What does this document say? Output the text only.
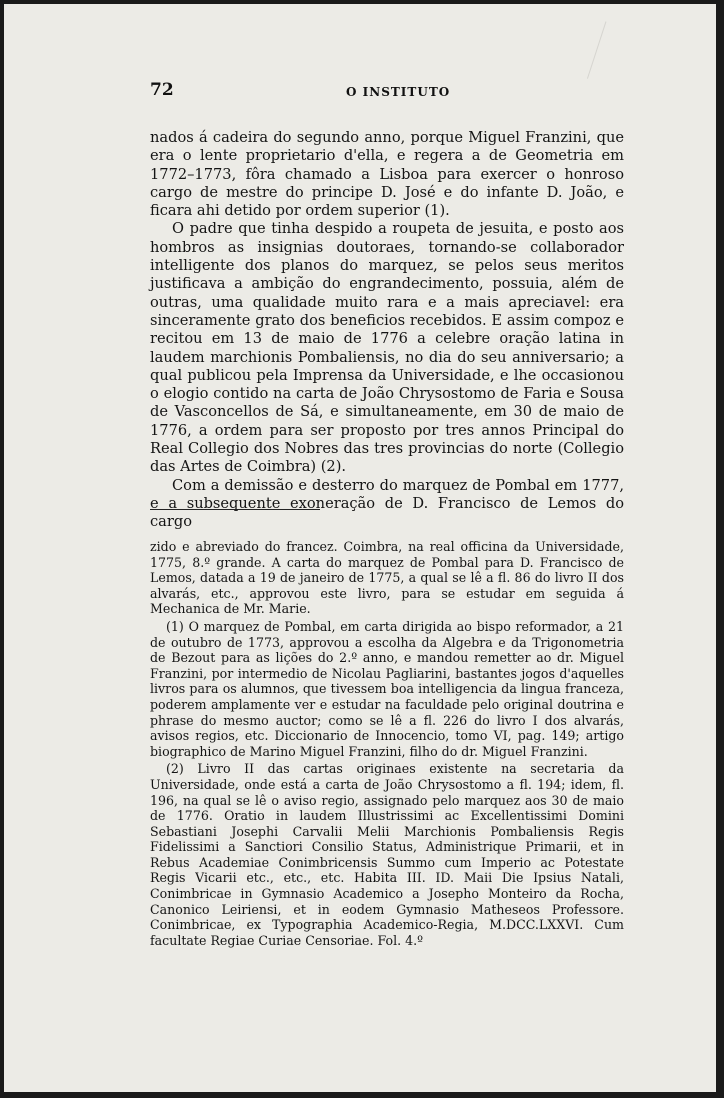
72	O INSTITUTO

nados á cadeira do segundo anno, porque Miguel Franzini, que era o lente proprietario d'ella, e regera a de Geometria em 1772–1773, fôra chamado a Lisboa para exercer o honroso cargo de mestre do principe D. José e do infante D. João, e ficara ahi detido por ordem superior (1).

O padre que tinha despido a roupeta de jesuita, e posto aos hombros as insignias doutoraes, tornando-se collaborador intelligente dos planos do marquez, se pelos seus meritos justificava a ambição do engrandecimento, possuia, além de outras, uma qualidade muito rara e a mais apreciavel: era sinceramente grato dos beneficios recebidos. E assim compoz e recitou em 13 de maio de 1776 a celebre oração latina in laudem marchionis Pombaliensis, no dia do seu anniversario; a qual publicou pela Imprensa da Universidade, e lhe occasionou o elogio contido na carta de João Chrysostomo de Faria e Sousa de Vasconcellos de Sá, e simultaneamente, em 30 de maio de 1776, a ordem para ser proposto por tres annos Principal do Real Collegio dos Nobres das tres provincias do norte (Collegio das Artes de Coimbra) (2).

Com a demissão e desterro do marquez de Pombal em 1777, e a subsequente exoneração de D. Francisco de Lemos do cargo

zido e abreviado do francez. Coimbra, na real officina da Universidade, 1775, 8.º grande. A carta do marquez de Pombal para D. Francisco de Lemos, datada a 19 de janeiro de 1775, a qual se lê a fl. 86 do livro II dos alvarás, etc., approvou este livro, para se estudar em seguida á Mechanica de Mr. Marie.

(1) O marquez de Pombal, em carta dirigida ao bispo reformador, a 21 de outubro de 1773, approvou a escolha da Algebra e da Trigonometria de Bezout para as lições do 2.º anno, e mandou remetter ao dr. Miguel Franzini, por intermedio de Nicolau Pagliarini, bastantes jogos d'aquelles livros para os alumnos, que tivessem boa intelligencia da lingua franceza, poderem amplamente ver e estudar na faculdade pelo original doutrina e phrase do mesmo auctor; como se lê a fl. 226 do livro I dos alvarás, avisos regios, etc. Diccionario de Innocencio, tomo VI, pag. 149; artigo biographico de Marino Miguel Franzini, filho do dr. Miguel Franzini.

(2) Livro II das cartas originaes existente na secretaria da Universidade, onde está a carta de João Chrysostomo a fl. 194; idem, fl. 196, na qual se lê o aviso regio, assignado pelo marquez aos 30 de maio de 1776. Oratio in laudem Illustrissimi ac Excellentissimi Domini Sebastiani Josephi Carvalii Melii Marchionis Pombaliensis Regis Fidelissimi a Sanctiori Consilio Status, Administrique Primarii, et in Rebus Academiae Conimbricensis Summo cum Imperio ac Potestate Regis Vicarii etc., etc., etc. Habita III. ID. Maii Die Ipsius Natali, Conimbricae in Gymnasio Academico a Josepho Monteiro da Rocha, Canonico Leiriensi, et in eodem Gymnasio Matheseos Professore. Conimbricae, ex Typographia Academico-Regia, M.DCC.LXXVI. Cum facultate Regiae Curiae Censoriae. Fol. 4.º
